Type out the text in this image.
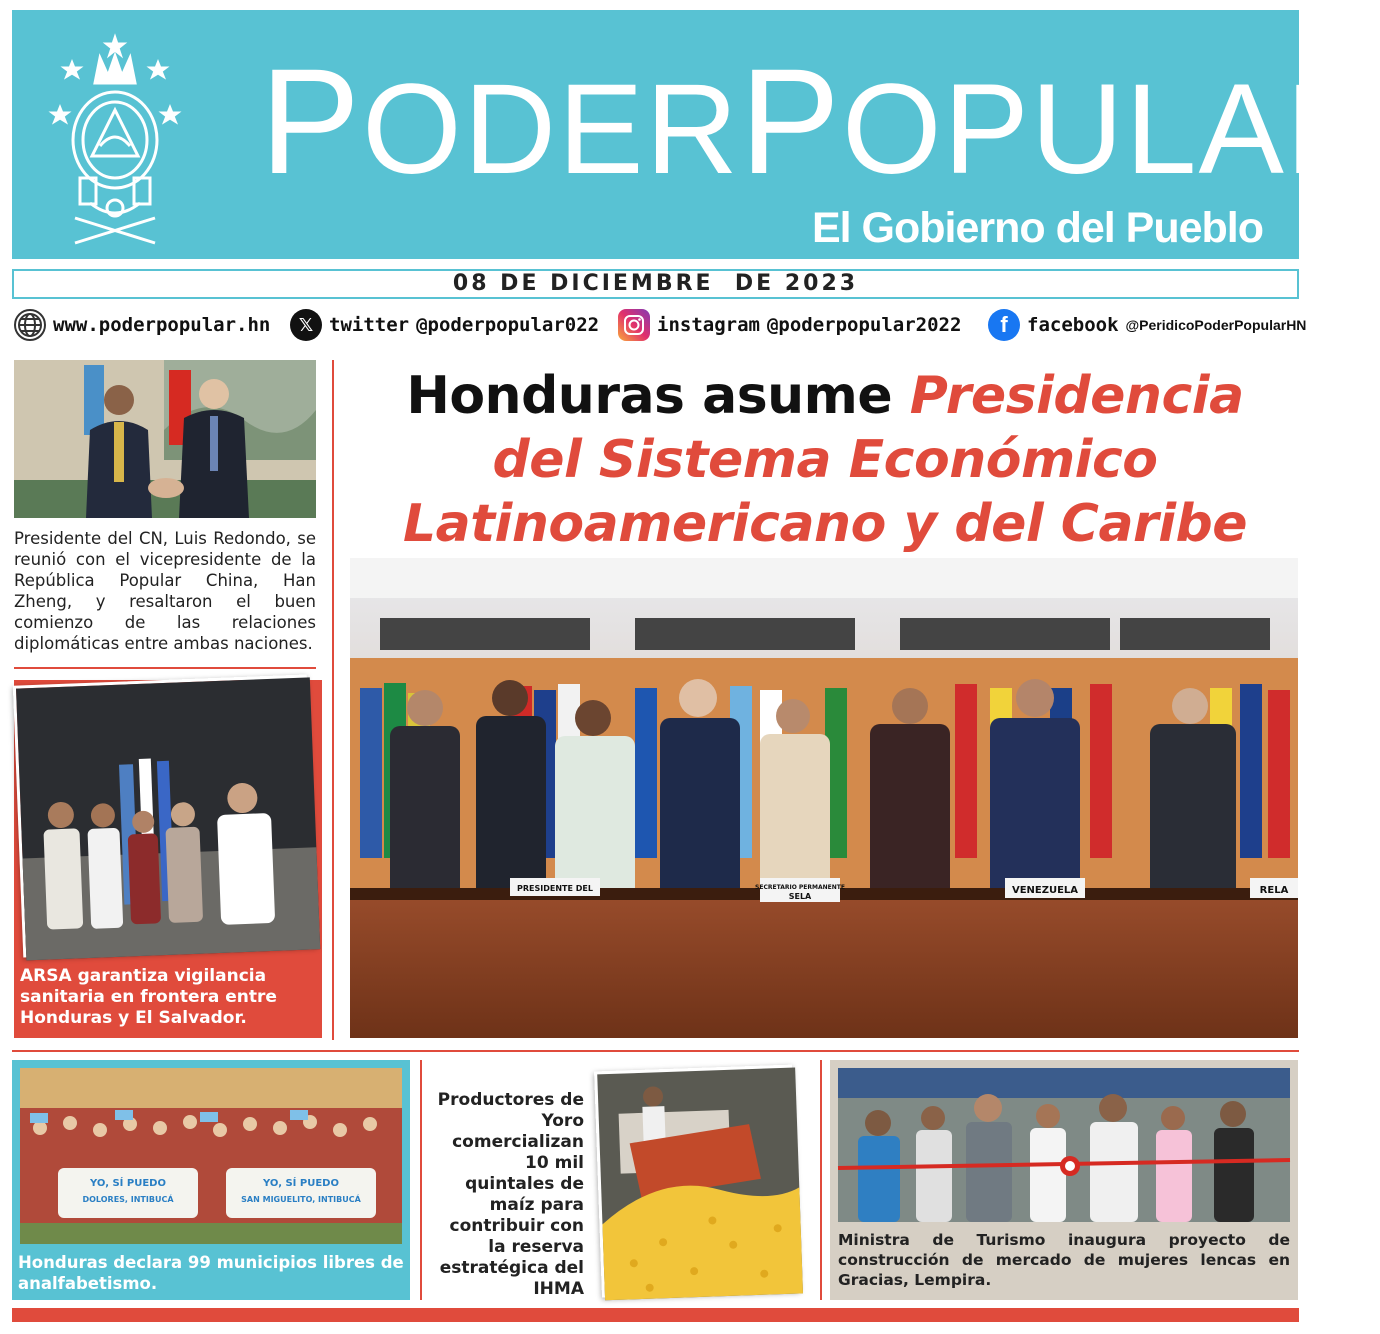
PODERPOPULAR
El Gobierno del Pueblo
08 DE DICIEMBRE  DE 2023
www.poderpopular.hn	𝕏 twitter @poderpopular022	instagram @poderpopular2022	f	facebook @PeridicoPoderPopularHN

Presidente del CN, Luis Redondo, se reunió con el vicepresidente de la República Popular China, Han Zheng, y resaltaron el buen comienzo de las relaciones diplomáticas entre ambas naciones.

ARSA garantiza vigilancia sanitaria en frontera entre Honduras y El Salvador.

Honduras asume Presidencia
del Sistema Económico
Latinoamericano y del Caribe
PRESIDENTE DEL	SECRETARIO PERMANENTE
SELA
VENEZUELA	RELA
YO, SÍ PUEDO
DOLORES, INTIBUCÁ
YO, SÍ PUEDO
SAN MIGUELITO, INTIBUCÁ

Honduras declara 99 municipios libres de analfabetismo.

Productores de Yoro comercializan 10 mil quintales de maíz para contribuir con la reserva estratégica del IHMA

Ministra de Turismo inaugura proyecto de construcción de mercado de mujeres lencas en Gracias, Lempira.
